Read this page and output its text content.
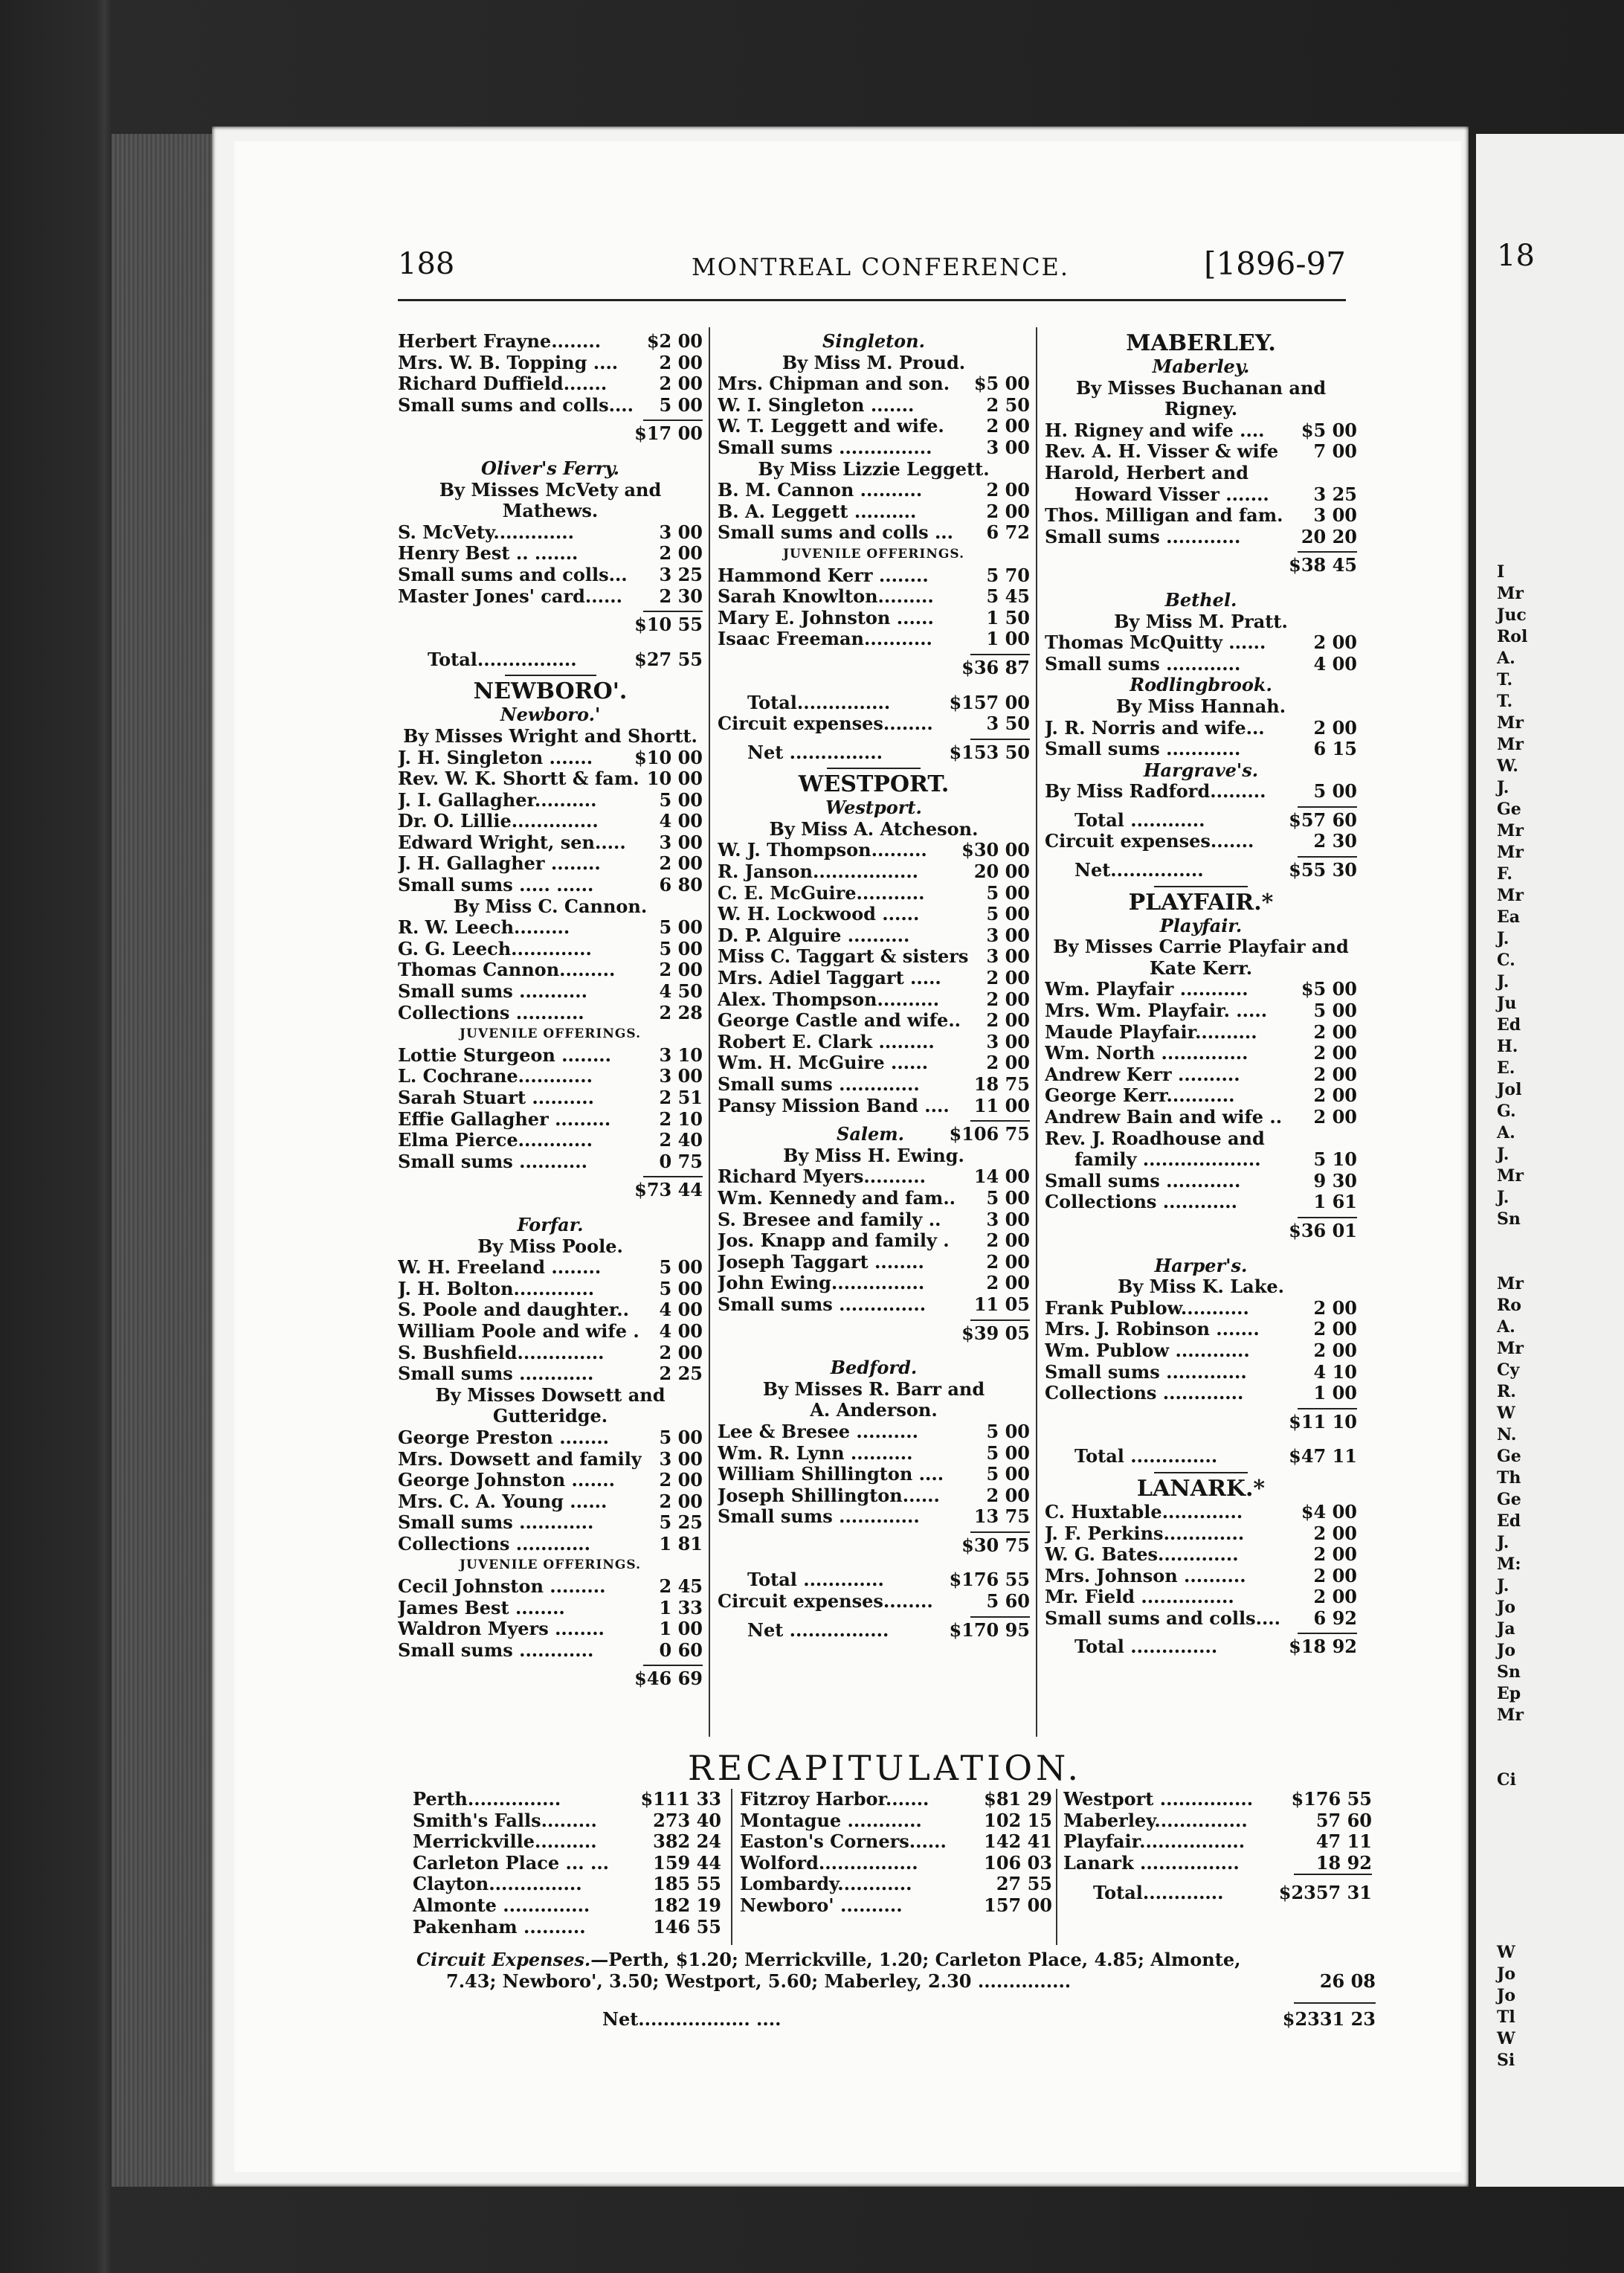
18
I
Mr
Juc
Rol
A.
T.
T.
Mr
Mr
W.
J.
Ge
Mr
Mr
F.
Mr
Ea
J.
C.
J.
Ju
Ed
H.
E.
Jol
G.
A.
J.
Mr
J.
Sn
Mr
Ro
A.
Mr
Cy
R.
W
N.
Ge
Th
Ge
Ed
J.
M:
J.
Jo
Ja
Jo
Sn
Ep
Mr
Ci
W
Jo
Jo
Tl
W
Si
188	MONTREAL CONFERENCE.	[1896-97
Herbert Frayne........	$2 00
Mrs. W. B. Topping .... 2 00
Richard Duffield.......	2 00
Small sums and colls.... 5 00
$17 00
Oliver's Ferry.
By Misses McVety and
Mathews.
S. McVety.............	3 00
Henry Best .. .......	2 00
Small sums and colls... 3 25
Master Jones' card...... 2 30
$10 55
Total................	$27 55
NEWBORO'.
Newboro.'
By Misses Wright and Shortt.
J. H. Singleton ....... $10 00
Rev. W. K. Shortt & fam. 10 00
J. I. Gallagher..........	5 00
Dr. O. Lillie..............	4 00
Edward Wright, sen..... 3 00
J. H. Gallagher ........	2 00
Small sums ..... ......	6 80
By Miss C. Cannon.
R. W. Leech.........	5 00
G. G. Leech.............	5 00
Thomas Cannon......... 2 00
Small sums ...........	4 50
Collections ...........	2 28
JUVENILE OFFERINGS.
Lottie Sturgeon ........	3 10
L. Cochrane............	3 00
Sarah Stuart ..........	2 51
Effie Gallagher .........	2 10
Elma Pierce............	2 40
Small sums ...........	0 75
$73 44
Forfar.
By Miss Poole.
W. H. Freeland ........	5 00
J. H. Bolton.............	5 00
S. Poole and daughter.. 4 00
William Poole and wife . 4 00
S. Bushfield..............	2 00
Small sums ............	2 25
By Misses Dowsett and
Gutteridge.
George Preston ........	5 00
Mrs. Dowsett and family 3 00
George Johnston ....... 2 00
Mrs. C. A. Young ......	2 00
Small sums ............	5 25
Collections ............	1 81
JUVENILE OFFERINGS.
Cecil Johnston .........	2 45
James Best ........	1 33
Waldron Myers ........	1 00
Small sums ............	0 60
$46 69
Singleton.
By Miss M. Proud.
Mrs. Chipman and son. $5 00
W. I. Singleton .......	2 50
W. T. Leggett and wife. 2 00
Small sums ...............	3 00
By Miss Lizzie Leggett.
B. M. Cannon ..........	2 00
B. A. Leggett ..........	2 00
Small sums and colls ... 6 72
JUVENILE OFFERINGS.
Hammond Kerr ........	5 70
Sarah Knowlton.........	5 45
Mary E. Johnston ......	1 50
Isaac Freeman...........	1 00
$36 87
Total...............	$157 00
Circuit expenses........	3 50
Net ...............	$153 50
WESTPORT.
Westport.
By Miss A. Atcheson.
W. J. Thompson......... $30 00
R. Janson.................	20 00
C. E. McGuire...........	5 00
W. H. Lockwood ......	5 00
D. P. Alguire ..........	3 00
Miss C. Taggart & sisters 3 00
Mrs. Adiel Taggart .....	2 00
Alex. Thompson..........	2 00
George Castle and wife.. 2 00
Robert E. Clark .........	3 00
Wm. H. McGuire ......	2 00
Small sums .............	18 75
Pansy Mission Band .... 11 00
Salem.	$106 75
By Miss H. Ewing.
Richard Myers..........	14 00
Wm. Kennedy and fam.. 5 00
S. Bresee and family ..	3 00
Jos. Knapp and family . 2 00
Joseph Taggart ........	2 00
John Ewing...............	2 00
Small sums ..............	11 05
$39 05
Bedford.
By Misses R. Barr and
A. Anderson.
Lee & Bresee ..........	5 00
Wm. R. Lynn ..........	5 00
William Shillington .... 5 00
Joseph Shillington......	2 00
Small sums .............	13 75
$30 75
Total .............	$176 55
Circuit expenses........	5 60
Net ................	$170 95
MABERLEY.
Maberley.
By Misses Buchanan and
Rigney.
H. Rigney and wife .... $5 00
Rev. A. H. Visser & wife 7 00
Harold, Herbert and
Howard Visser ....... 3 25
Thos. Milligan and fam. 3 00
Small sums ............	20 20
$38 45
Bethel.
By Miss M. Pratt.
Thomas McQuitty ......	2 00
Small sums ............	4 00
Rodlingbrook.
By Miss Hannah.
J. R. Norris and wife...	2 00
Small sums ............	6 15
Hargrave's.
By Miss Radford.........	5 00
Total ............	$57 60
Circuit expenses.......	2 30
Net...............	$55 30
PLAYFAIR.*
Playfair.
By Misses Carrie Playfair and
Kate Kerr.
Wm. Playfair ...........	$5 00
Mrs. Wm. Playfair. .....	5 00
Maude Playfair..........	2 00
Wm. North ..............	2 00
Andrew Kerr ..........	2 00
George Kerr...........	2 00
Andrew Bain and wife .. 2 00
Rev. J. Roadhouse and
family ...................	5 10
Small sums ............	9 30
Collections ............	1 61
$36 01
Harper's.
By Miss K. Lake.
Frank Publow...........	2 00
Mrs. J. Robinson .......	2 00
Wm. Publow ............	2 00
Small sums .............	4 10
Collections .............	1 00
$11 10
Total ..............	$47 11
LANARK.*
C. Huxtable.............	$4 00
J. F. Perkins.............	2 00
W. G. Bates.............	2 00
Mrs. Johnson ..........	2 00
Mr. Field ...............	2 00
Small sums and colls.... 6 92
Total ..............	$18 92
RECAPITULATION.
Perth...............	$111 33
Smith's Falls.........	273 40
Merrickville..........	382 24
Carleton Place ... ... 159 44
Clayton...............	185 55
Almonte ..............	182 19
Pakenham ..........	146 55
Fitzroy Harbor.......	$81 29
Montague ............	102 15
Easton's Corners...... 142 41
Wolford................	106 03
Lombardy............	27 55
Newboro' ..........	157 00
Westport ............... $176 55
Maberley...............	57 60
Playfair.................	47 11
Lanark ................	18 92
Total.............	$2357 31
Circuit Expenses.—Perth, $1.20; Merrickville, 1.20; Carleton Place, 4.85; Almonte,
7.43; Newboro', 3.50; Westport, 5.60; Maberley, 2.30 ...............	26 08
Net.................. ....	$2331 23
